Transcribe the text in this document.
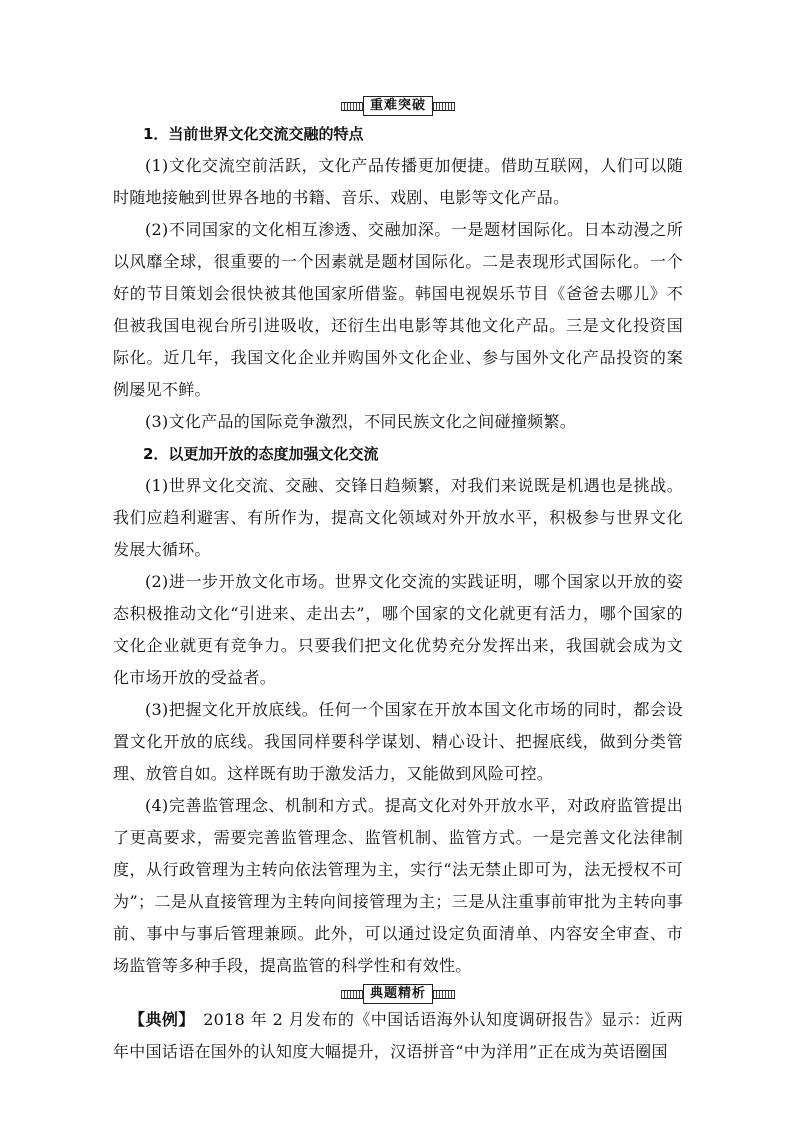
重难突破

1．当前世界文化交流交融的特点

(1)文化交流空前活跃，文化产品传播更加便捷。借助互联网，人们可以随时随地接触到世界各地的书籍、音乐、戏剧、电影等文化产品。

(2)不同国家的文化相互渗透、交融加深。一是题材国际化。日本动漫之所以风靡全球，很重要的一个因素就是题材国际化。二是表现形式国际化。一个好的节目策划会很快被其他国家所借鉴。韩国电视娱乐节目《爸爸去哪儿》不但被我国电视台所引进吸收，还衍生出电影等其他文化产品。三是文化投资国际化。近几年，我国文化企业并购国外文化企业、参与国外文化产品投资的案例屡见不鲜。

(3)文化产品的国际竞争激烈，不同民族文化之间碰撞频繁。

2．以更加开放的态度加强文化交流

(1)世界文化交流、交融、交锋日趋频繁，对我们来说既是机遇也是挑战。我们应趋利避害、有所作为，提高文化领域对外开放水平，积极参与世界文化发展大循环。

(2)进一步开放文化市场。世界文化交流的实践证明，哪个国家以开放的姿态积极推动文化“引进来、走出去”，哪个国家的文化就更有活力，哪个国家的文化企业就更有竞争力。只要我们把文化优势充分发挥出来，我国就会成为文化市场开放的受益者。

(3)把握文化开放底线。任何一个国家在开放本国文化市场的同时，都会设置文化开放的底线。我国同样要科学谋划、精心设计、把握底线，做到分类管理、放管自如。这样既有助于激发活力，又能做到风险可控。

(4)完善监管理念、机制和方式。提高文化对外开放水平，对政府监管提出了更高要求，需要完善监管理念、监管机制、监管方式。一是完善文化法律制度，从行政管理为主转向依法管理为主，实行“法无禁止即可为，法无授权不可为”；二是从直接管理为主转向间接管理为主；三是从注重事前审批为主转向事前、事中与事后管理兼顾。此外，可以通过设定负面清单、内容安全审查、市场监管等多种手段，提高监管的科学性和有效性。

典题精析

【典例】　2018 年 2 月发布的《中国话语海外认知度调研报告》显示：近两年中国话语在国外的认知度大幅提升，汉语拼音“中为洋用”正在成为英语圈国
